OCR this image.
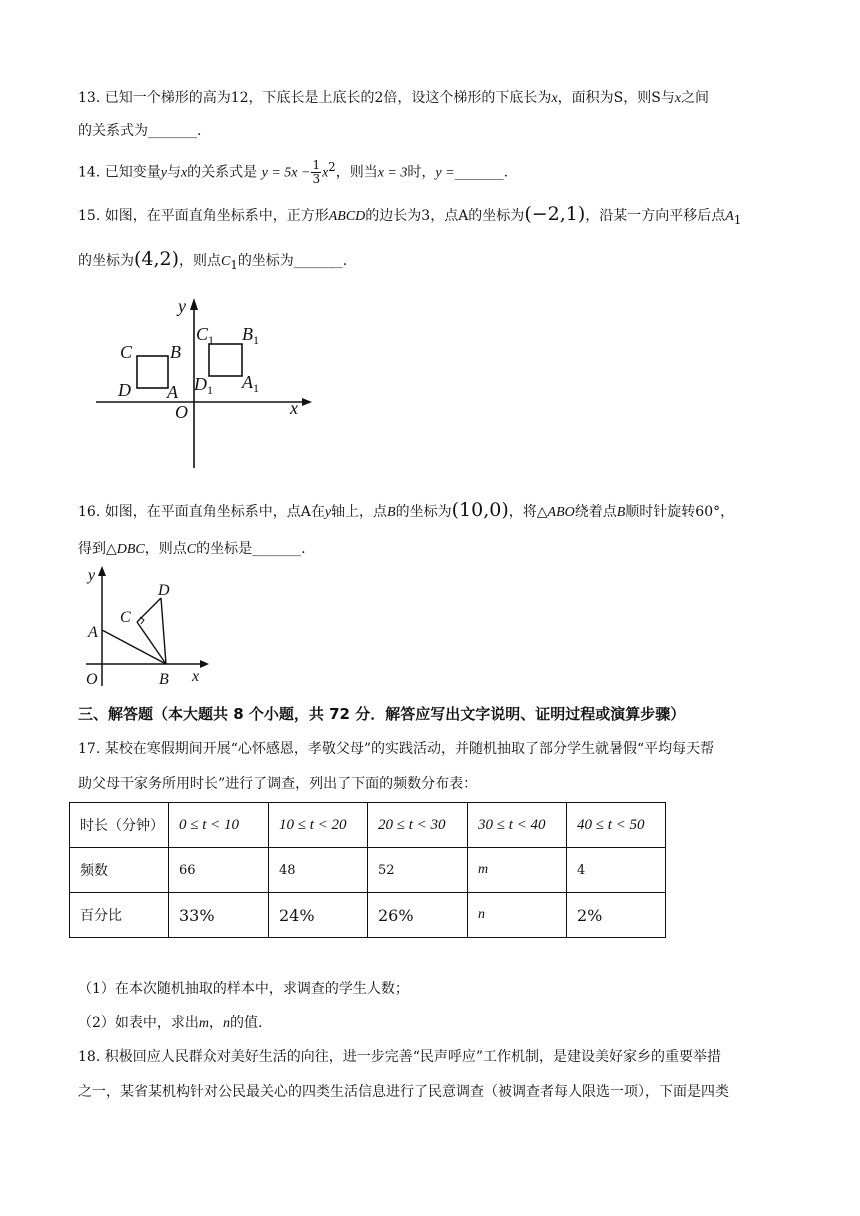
13. 已知一个梯形的高为12，下底长是上底长的2倍，设这个梯形的下底长为x，面积为S，则S与x之间
的关系式为_______.
14. 已知变量y与x的关系式是 $y = 5x - \frac{1}{3} x^2$，则当x = 3时，y =_______.
15. 如图，在平面直角坐标系中，正方形ABCD的边长为3，点A的坐标为(−2,1)，沿某一方向平移后点$A_1$
的坐标为(4,2)，则点$C_1$的坐标为_______.
y
x
O
C B
D A
$C_1$ $B_1$
$D_1$ $A_1$
16. 如图，在平面直角坐标系中，点A在y轴上，点B的坐标为(10,0)，将△ABO绕着点B顺时针旋转60°，
得到△DBC，则点C的坐标是_______.
y
x
O
A
B
C
D
三、解答题（本大题共 8 个小题，共 72 分．解答应写出文字说明、证明过程或演算步骤）
17. 某校在寒假期间开展“心怀感恩，孝敬父母”的实践活动，并随机抽取了部分学生就暑假“平均每天帮
助父母干家务所用时长”进行了调查，列出了下面的频数分布表：
时长（分钟）	0 ≤ t < 10	10 ≤ t < 20	20 ≤ t < 30	30 ≤ t < 40	40 ≤ t < 50
频数	66	48	52	m	4
百分比	33%	24%	26%	n	2%
（1）在本次随机抽取的样本中，求调查的学生人数；
（2）如表中，求出m，n的值.
18. 积极回应人民群众对美好生活的向往，进一步完善“民声呼应”工作机制，是建设美好家乡的重要举措
之一，某省某机构针对公民最关心的四类生活信息进行了民意调查（被调查者每人限选一项），下面是四类
